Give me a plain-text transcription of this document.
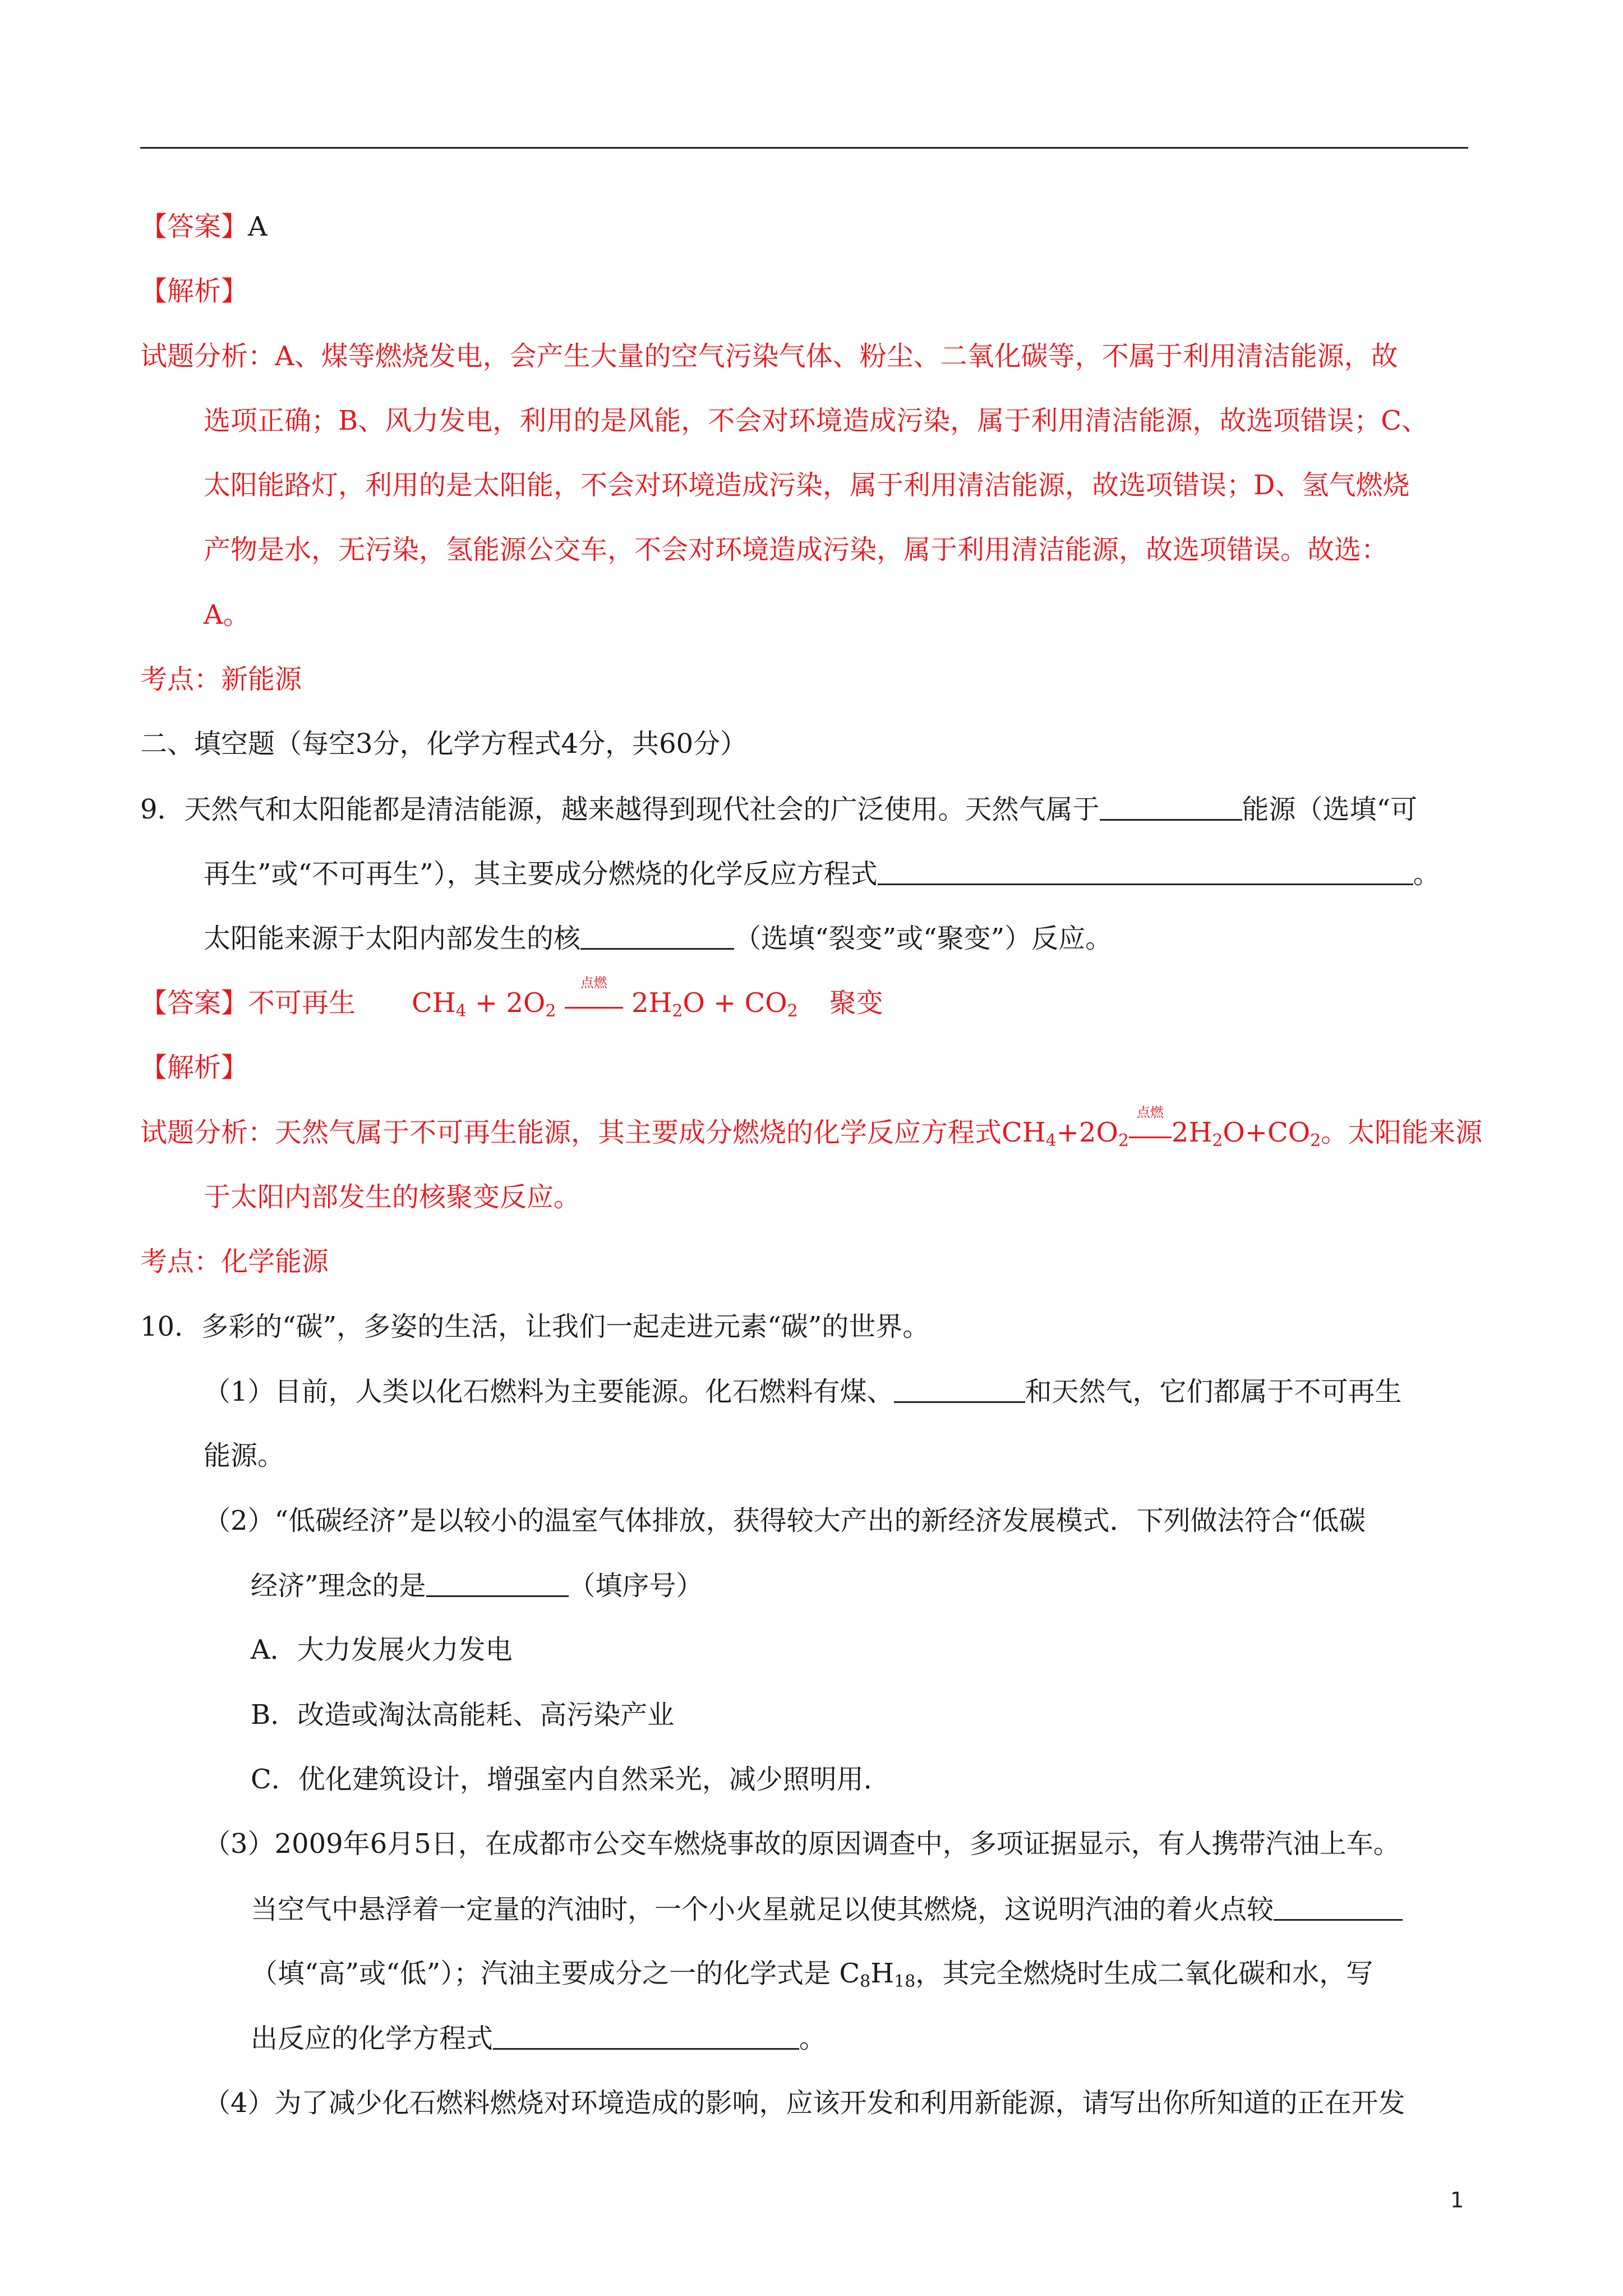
【答案】A
【解析】
试题分析：A、煤等燃烧发电，会产生大量的空气污染气体、粉尘、二氧化碳等，不属于利用清洁能源，故
选项正确；B、风力发电，利用的是风能，不会对环境造成污染，属于利用清洁能源，故选项错误；C、
太阳能路灯，利用的是太阳能，不会对环境造成污染，属于利用清洁能源，故选项错误；D、氢气燃烧
产物是水，无污染，氢能源公交车，不会对环境造成污染，属于利用清洁能源，故选项错误。故选：
A。
考点：新能源
二、填空题（每空3分，化学方程式4分，共60分）
9．天然气和太阳能都是清洁能源，越来越得到现代社会的广泛使用。天然气属于	能源（选填“可
再生”或“不可再生”），其主要成分燃烧的化学反应方程式	。
太阳能来源于太阳内部发生的核	（选填“裂变”或“聚变”）反应。
【答案】不可再生 $CH_4 + 2O_2$
点燃
$2H_2O + CO_2$ 聚变
【解析】
试题分析：天然气属于不可再生能源，其主要成分燃烧的化学反应方程式$CH_4+2O_2$
点燃
$2H_2O+CO_2$。太阳能来源
于太阳内部发生的核聚变反应。
考点：化学能源
10．多彩的“碳”，多姿的生活，让我们一起走进元素“碳”的世界。
（1）目前，人类以化石燃料为主要能源。化石燃料有煤、	和天然气，它们都属于不可再生
能源。
（2）“低碳经济”是以较小的温室气体排放，获得较大产出的新经济发展模式．下列做法符合“低碳
经济”理念的是	（填序号）
A．大力发展火力发电
B．改造或淘汰高能耗、高污染产业
C．优化建筑设计，增强室内自然采光，减少照明用．
（3）2009年6月5日，在成都市公交车燃烧事故的原因调查中，多项证据显示，有人携带汽油上车。
当空气中悬浮着一定量的汽油时，一个小火星就足以使其燃烧，这说明汽油的着火点较
（填“高”或“低”）；汽油主要成分之一的化学式是 $C_8H_{18}$，其完全燃烧时生成二氧化碳和水，写
出反应的化学方程式	。
（4）为了减少化石燃料燃烧对环境造成的影响，应该开发和利用新能源，请写出你所知道的正在开发
1
